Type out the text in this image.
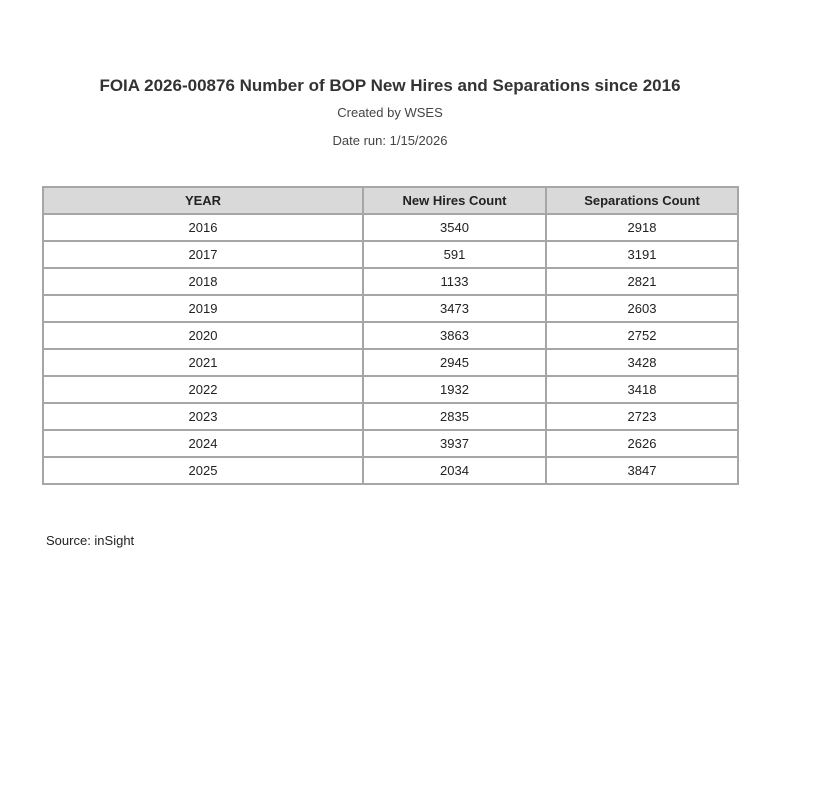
FOIA 2026-00876 Number of BOP New Hires and Separations since 2016
Created by WSES
Date run: 1/15/2026
YEAR	New Hires Count	Separations Count
2016	3540	2918
2017	591	3191
2018	1133	2821
2019	3473	2603
2020	3863	2752
2021	2945	3428
2022	1932	3418
2023	2835	2723
2024	3937	2626
2025	2034	3847
Source: inSight
